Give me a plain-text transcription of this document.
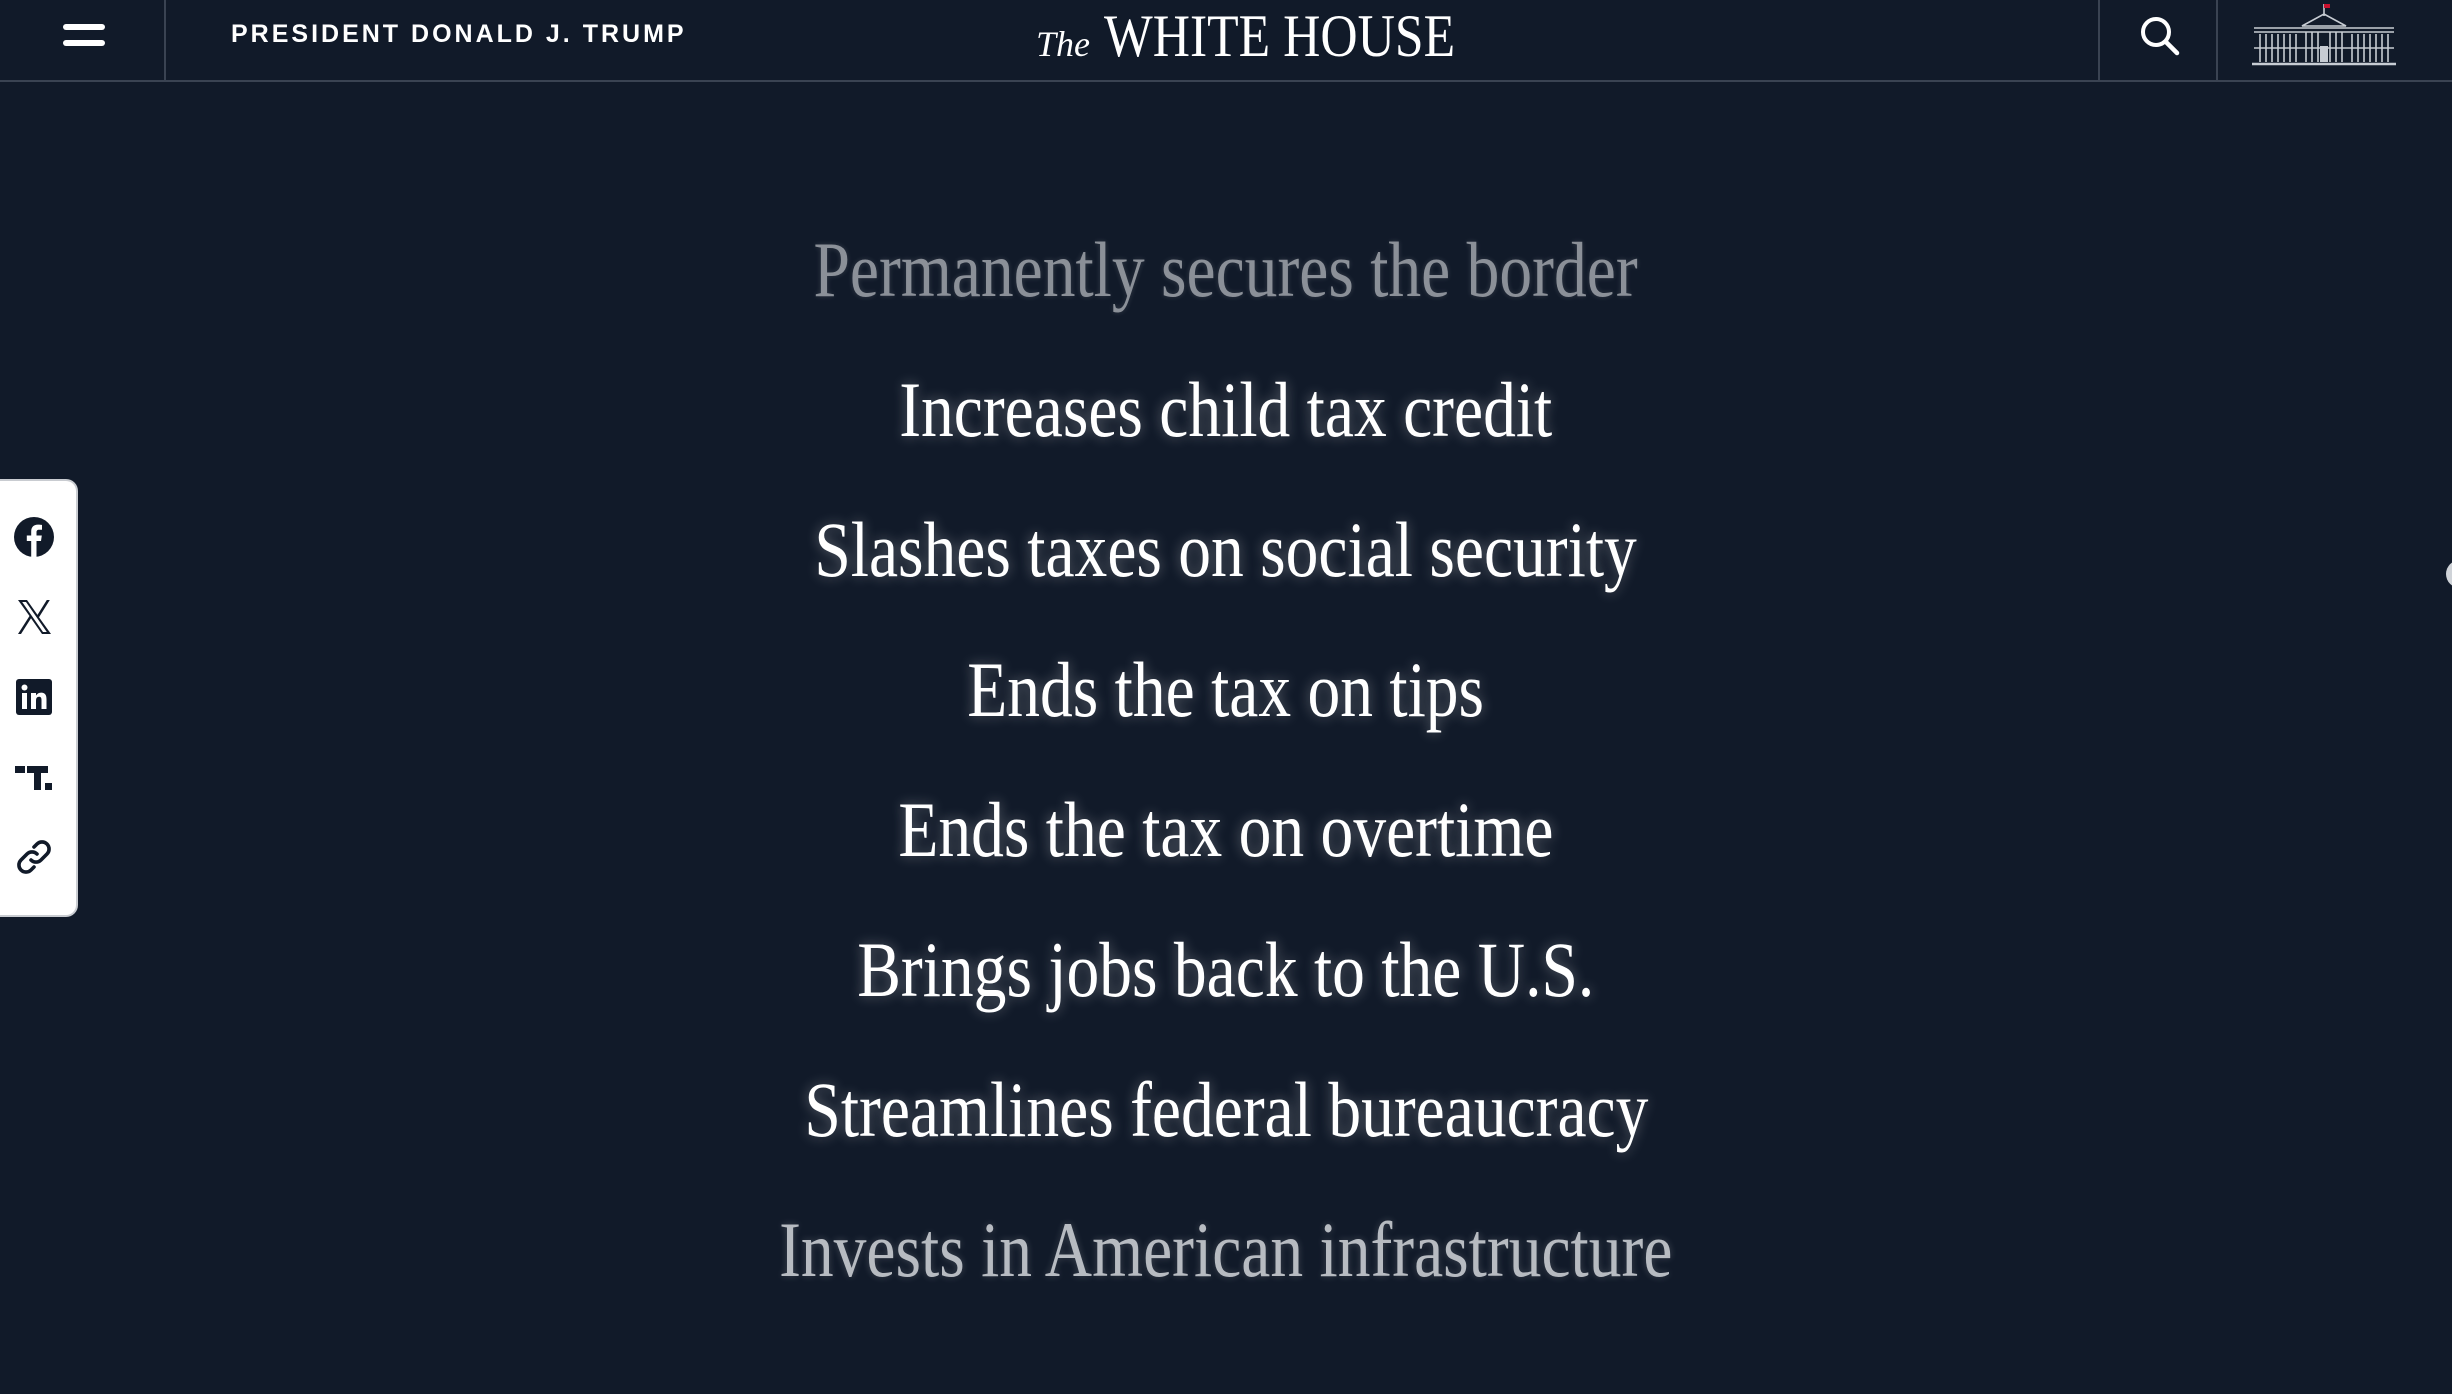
PRESIDENT DONALD J. TRUMP	The WHITE HOUSE
Permanently secures the border
Increases child tax credit
Slashes taxes on social security
Ends the tax on tips
Ends the tax on overtime
Brings jobs back to the U.S.
Streamlines federal bureaucracy
Invests in American infrastructure
